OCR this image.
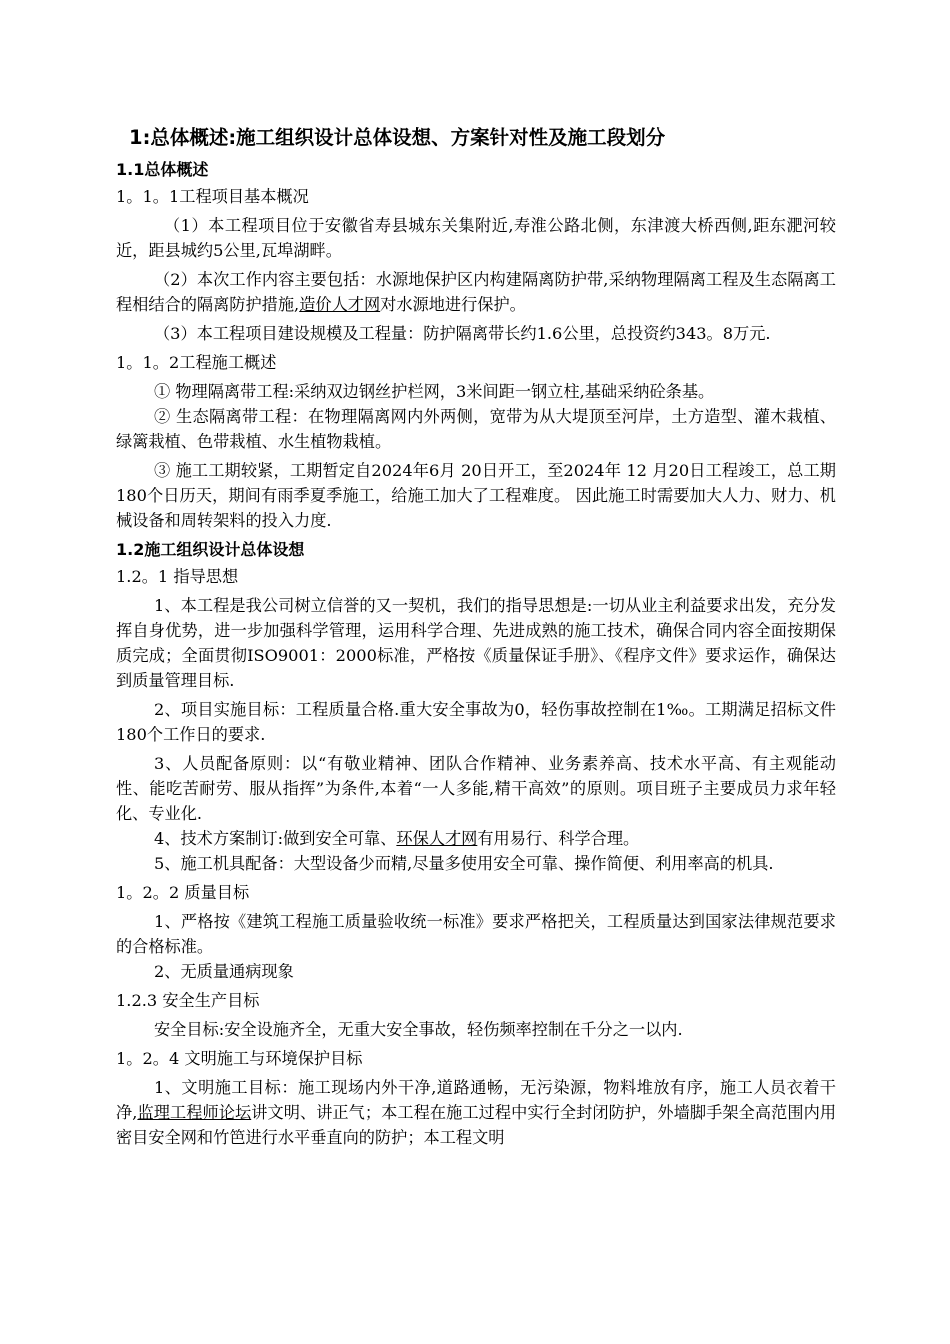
1:总体概述:施工组织设计总体设想、方案针对性及施工段划分
1.1总体概述
1。1。1工程项目基本概况

（1）本工程项目位于安徽省寿县城东关集附近,寿淮公路北侧，东津渡大桥西侧,距东淝河较近，距县城约5公里,瓦埠湖畔。

（2）本次工作内容主要包括：水源地保护区内构建隔离防护带,采纳物理隔离工程及生态隔离工程相结合的隔离防护措施,造价人才网对水源地进行保护。

（3）本工程项目建设规模及工程量：防护隔离带长约1.6公里，总投资约343。8万元.

1。1。2工程施工概述

① 物理隔离带工程:采纳双边钢丝护栏网，3米间距一钢立柱,基础采纳砼条基。

② 生态隔离带工程：在物理隔离网内外两侧，宽带为从大堤顶至河岸，土方造型、灌木栽植、绿篱栽植、色带栽植、水生植物栽植。

③ 施工工期较紧，工期暂定自2024年6月 20日开工，至2024年 12 月20日工程竣工，总工期180个日历天，期间有雨季夏季施工，给施工加大了工程难度。 因此施工时需要加大人力、财力、机械设备和周转架料的投入力度.

1.2施工组织设计总体设想
1.2。1 指导思想

1、本工程是我公司树立信誉的又一契机，我们的指导思想是:一切从业主利益要求出发，充分发挥自身优势，进一步加强科学管理，运用科学合理、先进成熟的施工技术，确保合同内容全面按期保质完成；全面贯彻ISO9001：2000标准，严格按《质量保证手册》、《程序文件》要求运作，确保达到质量管理目标.

2、项目实施目标：工程质量合格.重大安全事故为0，轻伤事故控制在1‰。工期满足招标文件180个工作日的要求.

3、人员配备原则：以“有敬业精神、团队合作精神、业务素养高、技术水平高、有主观能动性、能吃苦耐劳、服从指挥”为条件,本着“一人多能,精干高效”的原则。项目班子主要成员力求年轻化、专业化.

4、技术方案制订:做到安全可靠、环保人才网有用易行、科学合理。

5、施工机具配备：大型设备少而精,尽量多使用安全可靠、操作简便、利用率高的机具.

1。2。2 质量目标

1、严格按《建筑工程施工质量验收统一标准》要求严格把关，工程质量达到国家法律规范要求的合格标准。

2、无质量通病现象

1.2.3 安全生产目标

安全目标:安全设施齐全，无重大安全事故，轻伤频率控制在千分之一以内.

1。2。4 文明施工与环境保护目标

1、文明施工目标：施工现场内外干净,道路通畅，无污染源，物料堆放有序，施工人员衣着干净,监理工程师论坛讲文明、讲正气；本工程在施工过程中实行全封闭防护，外墙脚手架全高范围内用密目安全网和竹笆进行水平垂直向的防护；本工程文明
